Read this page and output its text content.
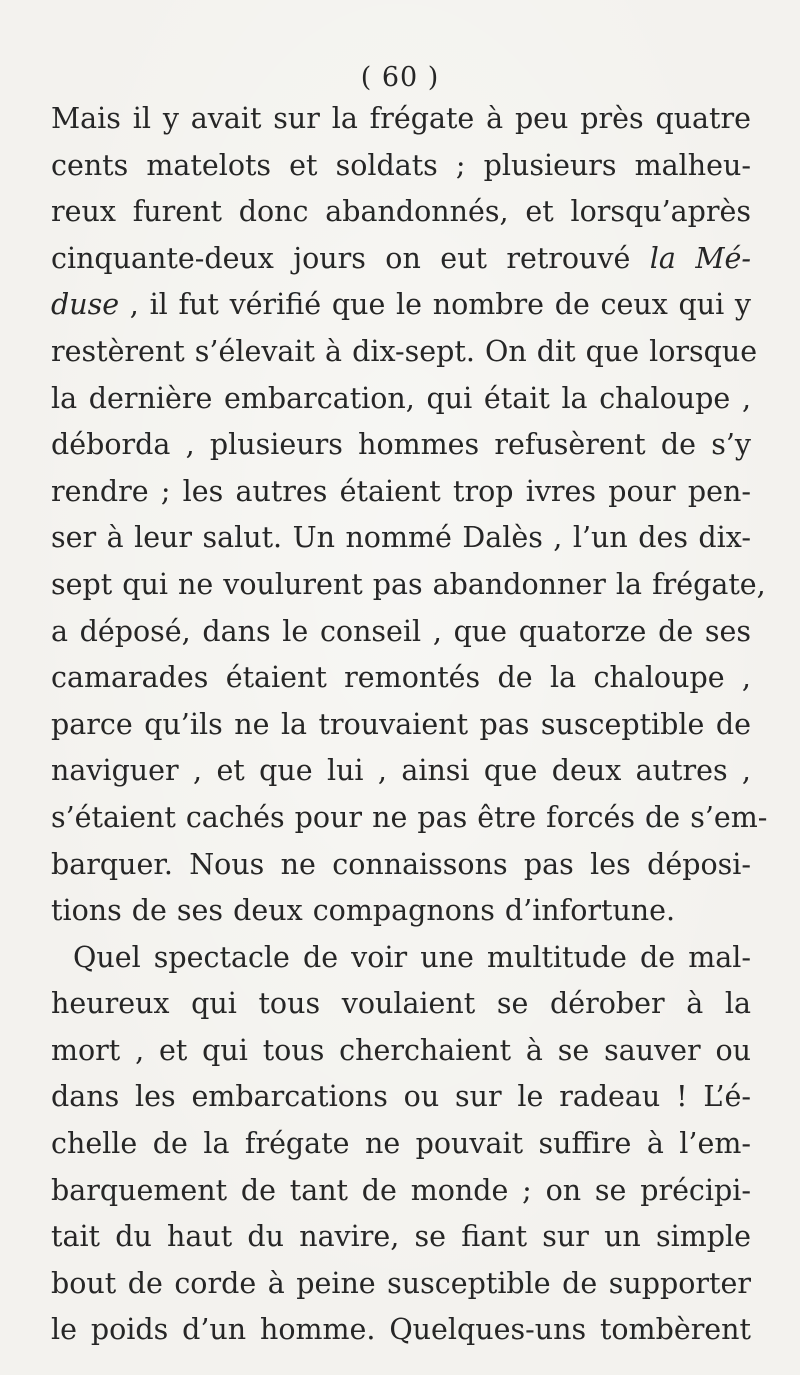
( 60 )
Mais il y avait sur la frégate à peu près quatre
cents matelots et soldats ; plusieurs malheu-
reux furent donc abandonnés, et lorsqu’après
cinquante-deux jours on eut retrouvé la Mé-
duse , il fut vérifié que le nombre de ceux qui y
restèrent s’élevait à dix-sept. On dit que lorsque
la dernière embarcation, qui était la chaloupe ,
déborda , plusieurs hommes refusèrent de s’y
rendre ; les autres étaient trop ivres pour pen-
ser à leur salut. Un nommé Dalès , l’un des dix-
sept qui ne voulurent pas abandonner la frégate,
a déposé, dans le conseil , que quatorze de ses
camarades étaient remontés de la chaloupe ,
parce qu’ils ne la trouvaient pas susceptible de
naviguer , et que lui , ainsi que deux autres ,
s’étaient cachés pour ne pas être forcés de s’em-
barquer. Nous ne connaissons pas les déposi-
tions de ses deux compagnons d’infortune.
Quel spectacle de voir une multitude de mal-
heureux qui tous voulaient se dérober à la
mort , et qui tous cherchaient à se sauver ou
dans les embarcations ou sur le radeau ! L’é-
chelle de la frégate ne pouvait suffire à l’em-
barquement de tant de monde ; on se précipi-
tait du haut du navire, se fiant sur un simple
bout de corde à peine susceptible de supporter
le poids d’un homme. Quelques-uns tombèrent
